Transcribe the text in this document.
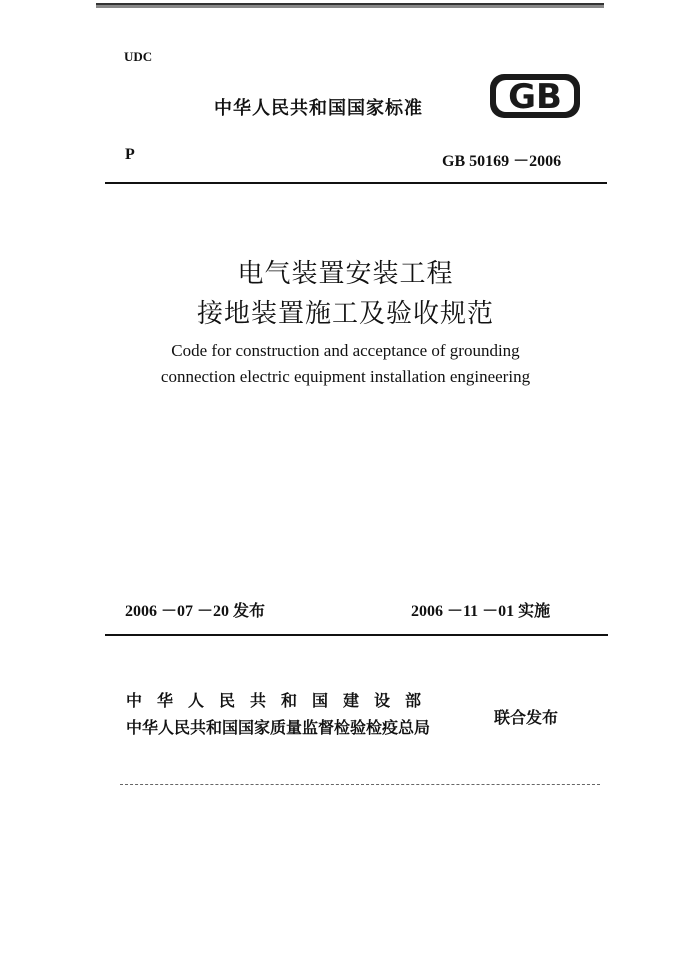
UDC
中华人民共和国国家标准	GB
P	GB 50169 －2006
电气装置安装工程
接地装置施工及验收规范
Code for construction and acceptance of grounding
connection electric equipment installation engineering
2006 －07 －20 发布	2006 －11 －01 实施
中华人民共和国建设部
中华人民共和国国家质量监督检验检疫总局
联合发布
